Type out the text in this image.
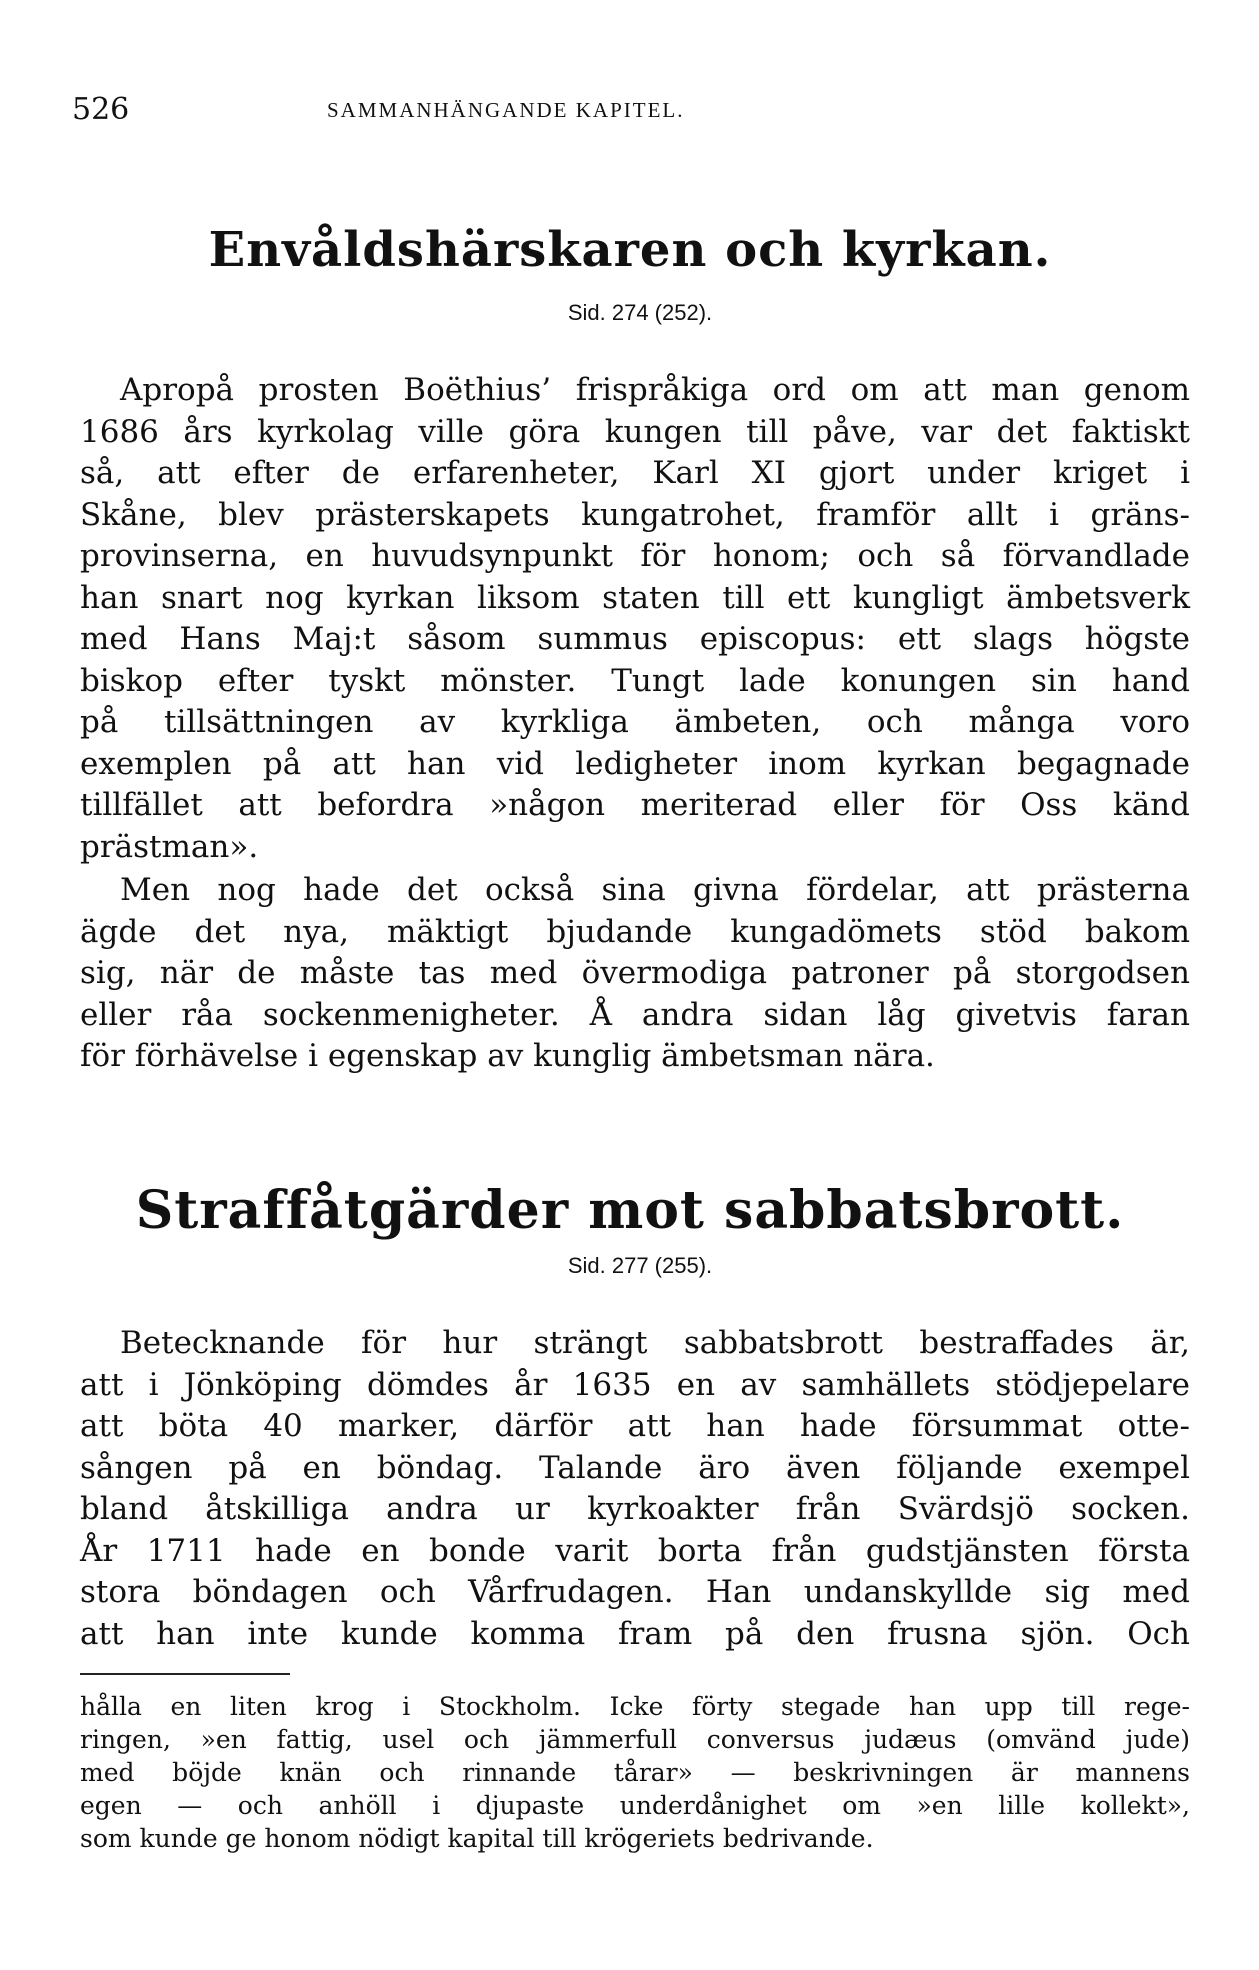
526	SAMMANHÄNGANDE KAPITEL.
Envåldshärskaren och kyrkan.
Sid. 274 (252).
Apropå prosten Boëthius’ frispråkiga ord om att man genom
1686 års kyrkolag ville göra kungen till påve, var det faktiskt
så, att efter de erfarenheter, Karl XI gjort under kriget i
Skåne, blev prästerskapets kungatrohet, framför allt i gräns-
provinserna, en huvudsynpunkt för honom; och så förvandlade
han snart nog kyrkan liksom staten till ett kungligt ämbetsverk
med Hans Maj:t såsom summus episcopus: ett slags högste
biskop efter tyskt mönster. Tungt lade konungen sin hand
på tillsättningen av kyrkliga ämbeten, och många voro
exemplen på att han vid ledigheter inom kyrkan begagnade
tillfället att befordra »någon meriterad eller för Oss känd
prästman».
Men nog hade det också sina givna fördelar, att prästerna
ägde det nya, mäktigt bjudande kungadömets stöd bakom
sig, när de måste tas med övermodiga patroner på storgodsen
eller råa sockenmenigheter. Å andra sidan låg givetvis faran
för förhävelse i egenskap av kunglig ämbetsman nära.
Straffåtgärder mot sabbatsbrott.
Sid. 277 (255).
Betecknande för hur strängt sabbatsbrott bestraffades är,
att i Jönköping dömdes år 1635 en av samhällets stödjepelare
att böta 40 marker, därför att han hade försummat otte-
sången på en böndag. Talande äro även följande exempel
bland åtskilliga andra ur kyrkoakter från Svärdsjö socken.
År 1711 hade en bonde varit borta från gudstjänsten första
stora böndagen och Vårfrudagen. Han undanskyllde sig med
att han inte kunde komma fram på den frusna sjön. Och
hålla en liten krog i Stockholm. Icke förty stegade han upp till rege-
ringen, »en fattig, usel och jämmerfull conversus judæus (omvänd jude)
med böjde knän och rinnande tårar» — beskrivningen är mannens
egen — och anhöll i djupaste underdånighet om »en lille kollekt»,
som kunde ge honom nödigt kapital till krögeriets bedrivande.
